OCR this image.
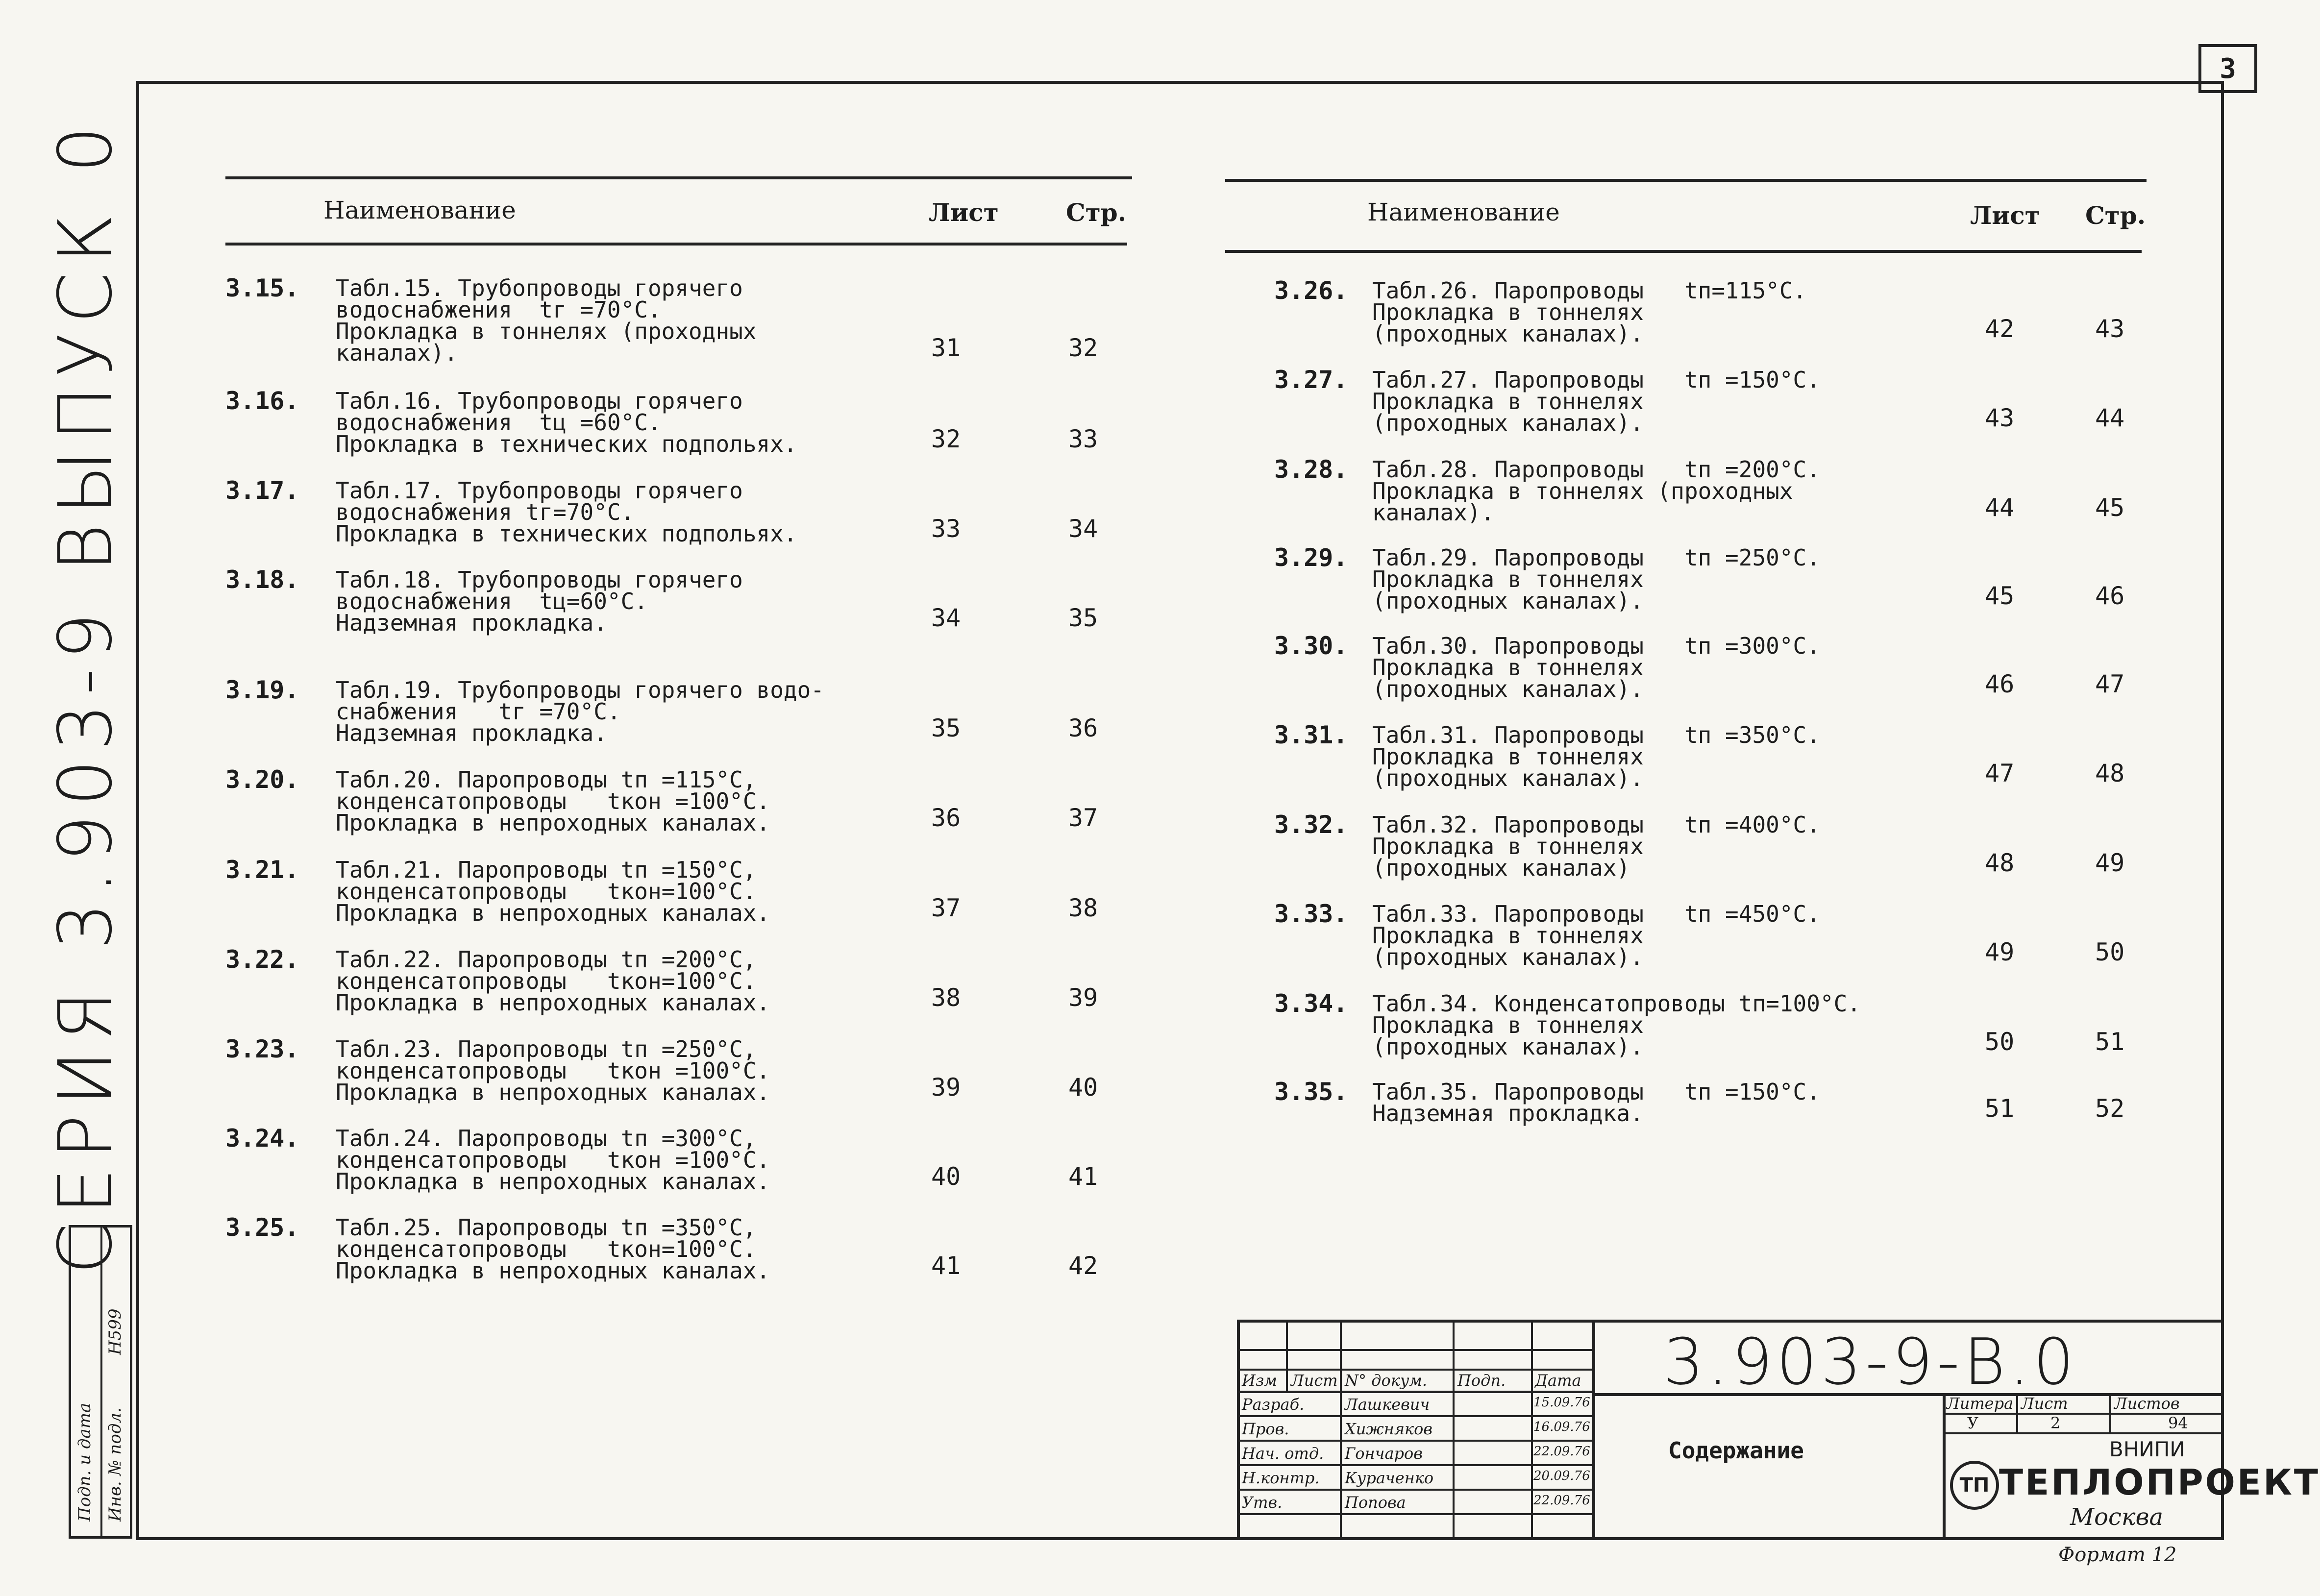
3
СЕРИЯ 3.903-9 ВЫПУСК 0
Подп. и дата Инв. № подл.
Н599
Наименование	Лист	Стр.
3.15. Табл.15. Трубопроводы горячего
водоснабжения  tг =70°С.
Прокладка в тоннелях (проходных
каналах).	31	32
3.16. Табл.16. Трубопроводы горячего
водоснабжения  tц =60°С.
Прокладка в технических подпольях.	32	33
3.17. Табл.17. Трубопроводы горячего
водоснабжения tг=70°С.
Прокладка в технических подпольях.	33	34
3.18. Табл.18. Трубопроводы горячего
водоснабжения  tц=60°С.
Надземная прокладка.	34	35
3.19. Табл.19. Трубопроводы горячего водо-
снабжения   tг =70°С.
Надземная прокладка.	35	36
3.20. Табл.20. Паропроводы tп =115°С,
конденсатопроводы   tкон =100°С.
Прокладка в непроходных каналах.	36	37
3.21. Табл.21. Паропроводы tп =150°С,
конденсатопроводы   tкон=100°С.
Прокладка в непроходных каналах.	37	38
3.22. Табл.22. Паропроводы tп =200°С,
конденсатопроводы   tкон=100°С.
Прокладка в непроходных каналах.	38	39
3.23. Табл.23. Паропроводы tп =250°С,
конденсатопроводы   tкон =100°С.
Прокладка в непроходных каналах.	39	40
3.24. Табл.24. Паропроводы tп =300°С,
конденсатопроводы   tкон =100°С.
Прокладка в непроходных каналах.	40	41
3.25. Табл.25. Паропроводы tп =350°С,
конденсатопроводы   tкон=100°С.
Прокладка в непроходных каналах.	41	42
Наименование	Лист Стр.
3.26. Табл.26. Паропроводы   tп=115°С.
Прокладка в тоннелях
(проходных каналах).	42	43
3.27. Табл.27. Паропроводы   tп =150°С.
Прокладка в тоннелях
(проходных каналах).	43	44
3.28. Табл.28. Паропроводы   tп =200°С.
Прокладка в тоннелях (проходных
каналах).	44	45
3.29. Табл.29. Паропроводы   tп =250°С.
Прокладка в тоннелях
(проходных каналах).	45	46
3.30. Табл.30. Паропроводы   tп =300°С.
Прокладка в тоннелях
(проходных каналах).	46	47
3.31. Табл.31. Паропроводы   tп =350°С.
Прокладка в тоннелях
(проходных каналах).	47	48
3.32. Табл.32. Паропроводы   tп =400°С.
Прокладка в тоннелях
(проходных каналах)	48	49
3.33. Табл.33. Паропроводы   tп =450°С.
Прокладка в тоннелях
(проходных каналах).	49	50
3.34. Табл.34. Конденсатопроводы tп=100°С.
Прокладка в тоннелях
(проходных каналах).	50	51
3.35. Табл.35. Паропроводы   tп =150°С.
Надземная прокладка.	51	52
Изм Лист N° докум. Подп. Дата
Разраб.	Лашкевич	15.09.76
Пров.	Хижняков	16.09.76
Нач. отд. Гончаров	22.09.76
Н.контр. Кураченко	20.09.76
Утв.	Попова	22.09.76
3.903-9-В.0
Содержание
Литера Лист	Листов
У	2	94
ВНИПИ
ТП ТЕПЛОПРОЕКТ
Москва
Формат 12
